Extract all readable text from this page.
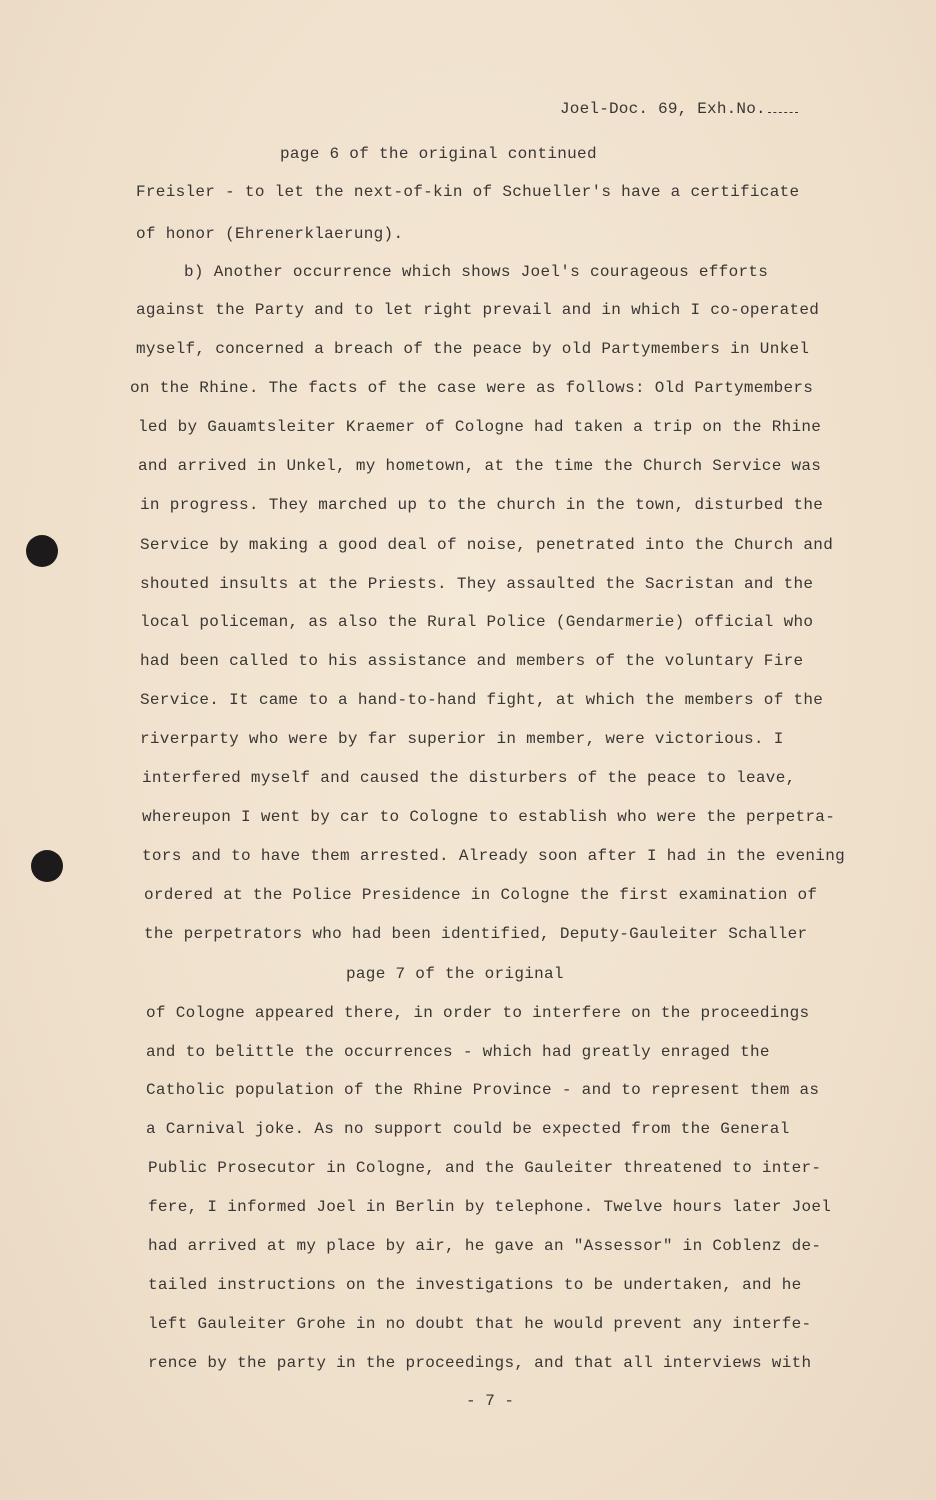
Joel-Doc. 69, Exh.No.
page 6 of the original continued
Freisler - to let the next-of-kin of Schueller's have a certificate
of honor (Ehrenerklaerung).
b) Another occurrence which shows Joel's courageous efforts
against the Party and to let right prevail and in which I co-operated
myself, concerned a breach of the peace by old Partymembers in Unkel
on the Rhine. The facts of the case were as follows: Old Partymembers
led by Gauamtsleiter Kraemer of Cologne had taken a trip on the Rhine
and arrived in Unkel, my hometown, at the time the Church Service was
in progress. They marched up to the church in the town, disturbed the
Service by making a good deal of noise, penetrated into the Church and
shouted insults at the Priests. They assaulted the Sacristan and the
local policeman, as also the Rural Police (Gendarmerie) official who
had been called to his assistance and members of the voluntary Fire
Service. It came to a hand-to-hand fight, at which the members of the
riverparty who were by far superior in member, were victorious. I
interfered myself and caused the disturbers of the peace to leave,
whereupon I went by car to Cologne to establish who were the perpetra-
tors and to have them arrested. Already soon after I had in the evening
ordered at the Police Presidence in Cologne the first examination of
the perpetrators who had been identified, Deputy-Gauleiter Schaller
page 7 of the original
of Cologne appeared there, in order to interfere on the proceedings
and to belittle the occurrences - which had greatly enraged the
Catholic population of the Rhine Province - and to represent them as
a Carnival joke. As no support could be expected from the General
Public Prosecutor in Cologne, and the Gauleiter threatened to inter-
fere, I informed Joel in Berlin by telephone. Twelve hours later Joel
had arrived at my place by air, he gave an "Assessor" in Coblenz de-
tailed instructions on the investigations to be undertaken, and he
left Gauleiter Grohe in no doubt that he would prevent any interfe-
rence by the party in the proceedings, and that all interviews with
- 7 -
